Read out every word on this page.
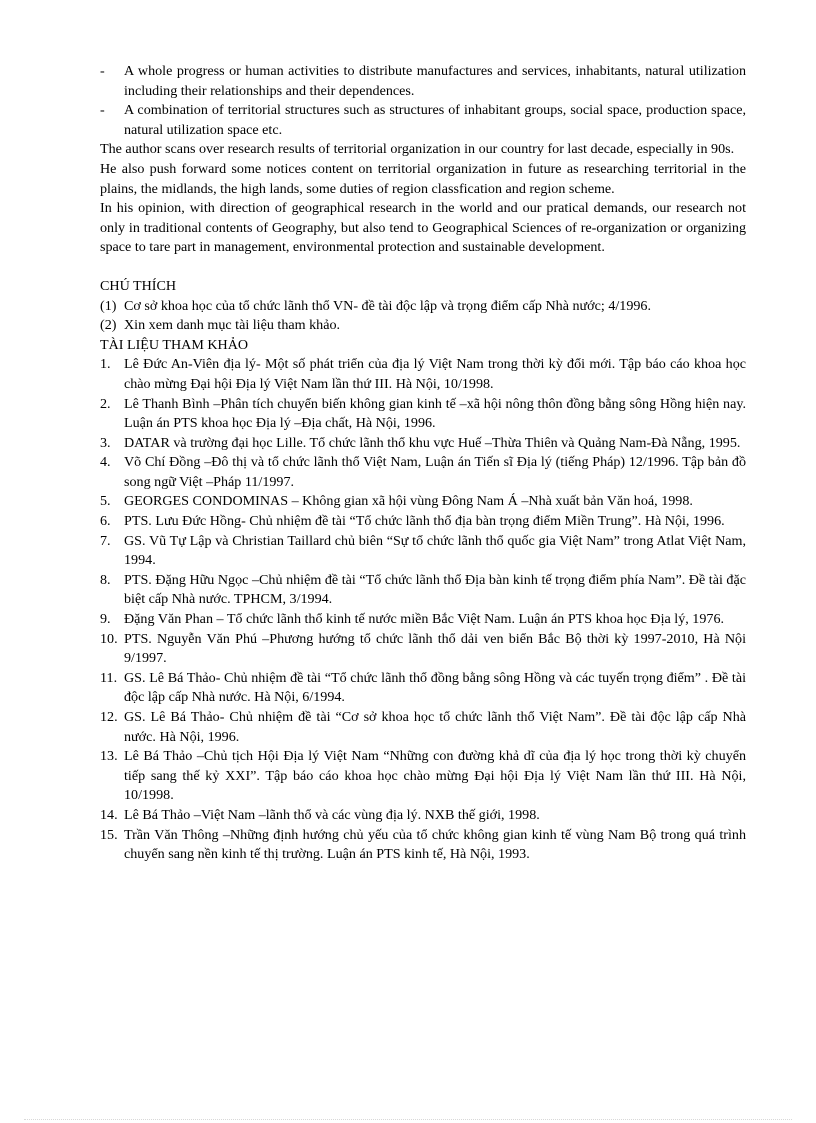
- A whole progress or human activities to distribute manufactures and services, inhabitants, natural utilization including their relationships and their dependences.
- A combination of territorial structures such as structures of inhabitant groups, social space, production space, natural utilization space etc.
The author scans over research results of territorial organization in our country for last decade, especially in 90s.
He also push forward some notices content on territorial organization in future as researching territorial in the plains, the midlands, the high lands, some duties of region classfication and region scheme.
In his opinion, with direction of geographical research in the world and our pratical demands, our research not only in traditional contents of Geography, but also tend to Geographical Sciences of re-organization or organizing space to tare part in management, environmental protection and sustainable development.
CHÚ THÍCH
(1) Cơ sở khoa học của tổ chức lãnh thổ VN- đề tài độc lập và trọng điểm cấp Nhà nước; 4/1996.
(2) Xin xem danh mục tài liệu tham khảo.
TÀI LIỆU THAM KHẢO
1. Lê Đức An-Viên địa lý- Một số phát triển của địa lý Việt Nam trong thời kỳ đổi mới. Tập báo cáo khoa học chào mừng Đại hội Địa lý Việt Nam lần thứ III. Hà Nội, 10/1998.
2. Lê Thanh Bình –Phân tích chuyển biến không gian kinh tế –xã hội nông thôn đồng bằng sông Hồng hiện nay. Luận án PTS khoa học Địa lý –Địa chất, Hà Nội, 1996.
3. DATAR và trường đại học Lille. Tổ chức lãnh thổ khu vực Huế –Thừa Thiên và Quảng Nam-Đà Nẵng, 1995.
4. Võ Chí Đồng –Đô thị và tổ chức lãnh thổ Việt Nam, Luận án Tiến sĩ Địa lý (tiếng Pháp) 12/1996. Tập bản đồ song ngữ Việt –Pháp 11/1997.
5. GEORGES CONDOMINAS – Không gian xã hội vùng Đông Nam Á –Nhà xuất bản Văn hoá, 1998.
6. PTS. Lưu Đức Hồng- Chủ nhiệm đề tài “Tổ chức lãnh thổ địa bàn trọng điểm Miền Trung”. Hà Nội, 1996.
7. GS. Vũ Tự Lập và Christian Taillard chủ biên “Sự tổ chức lãnh thổ quốc gia Việt Nam” trong Atlat Việt Nam, 1994.
8. PTS. Đặng Hữu Ngọc –Chủ nhiệm đề tài “Tổ chức lãnh thổ Địa bàn kinh tế trọng điểm phía Nam”. Đề tài đặc biệt cấp Nhà nước. TPHCM, 3/1994.
9. Đặng Văn Phan – Tổ chức lãnh thổ kinh tế nước miền Bắc Việt Nam. Luận án PTS khoa học Địa lý, 1976.
10. PTS. Nguyễn Văn Phú –Phương hướng tổ chức lãnh thổ dải ven biển Bắc Bộ thời kỳ 1997-2010, Hà Nội 9/1997.
11. GS. Lê Bá Thảo- Chủ nhiệm đề tài “Tổ chức lãnh thổ đồng bằng sông Hồng và các tuyến trọng điểm” . Đề tài độc lập cấp Nhà nước. Hà Nội, 6/1994.
12. GS. Lê Bá Thảo- Chủ nhiệm đề tài “Cơ sở khoa học tổ chức lãnh thổ Việt Nam”. Đề tài độc lập cấp Nhà nước. Hà Nội, 1996.
13. Lê Bá Thảo –Chủ tịch Hội Địa lý Việt Nam “Những con đường khả dĩ của địa lý học trong thời kỳ chuyển tiếp sang thế kỷ XXI”. Tập báo cáo khoa học chào mừng Đại hội Địa lý Việt Nam lần thứ III. Hà Nội, 10/1998.
14. Lê Bá Thảo –Việt Nam –lãnh thổ và các vùng địa lý. NXB thế giới, 1998.
15. Trần Văn Thông –Những định hướng chủ yếu của tổ chức không gian kinh tế vùng Nam Bộ trong quá trình chuyển sang nền kinh tế thị trường. Luận án PTS kinh tế, Hà Nội, 1993.
